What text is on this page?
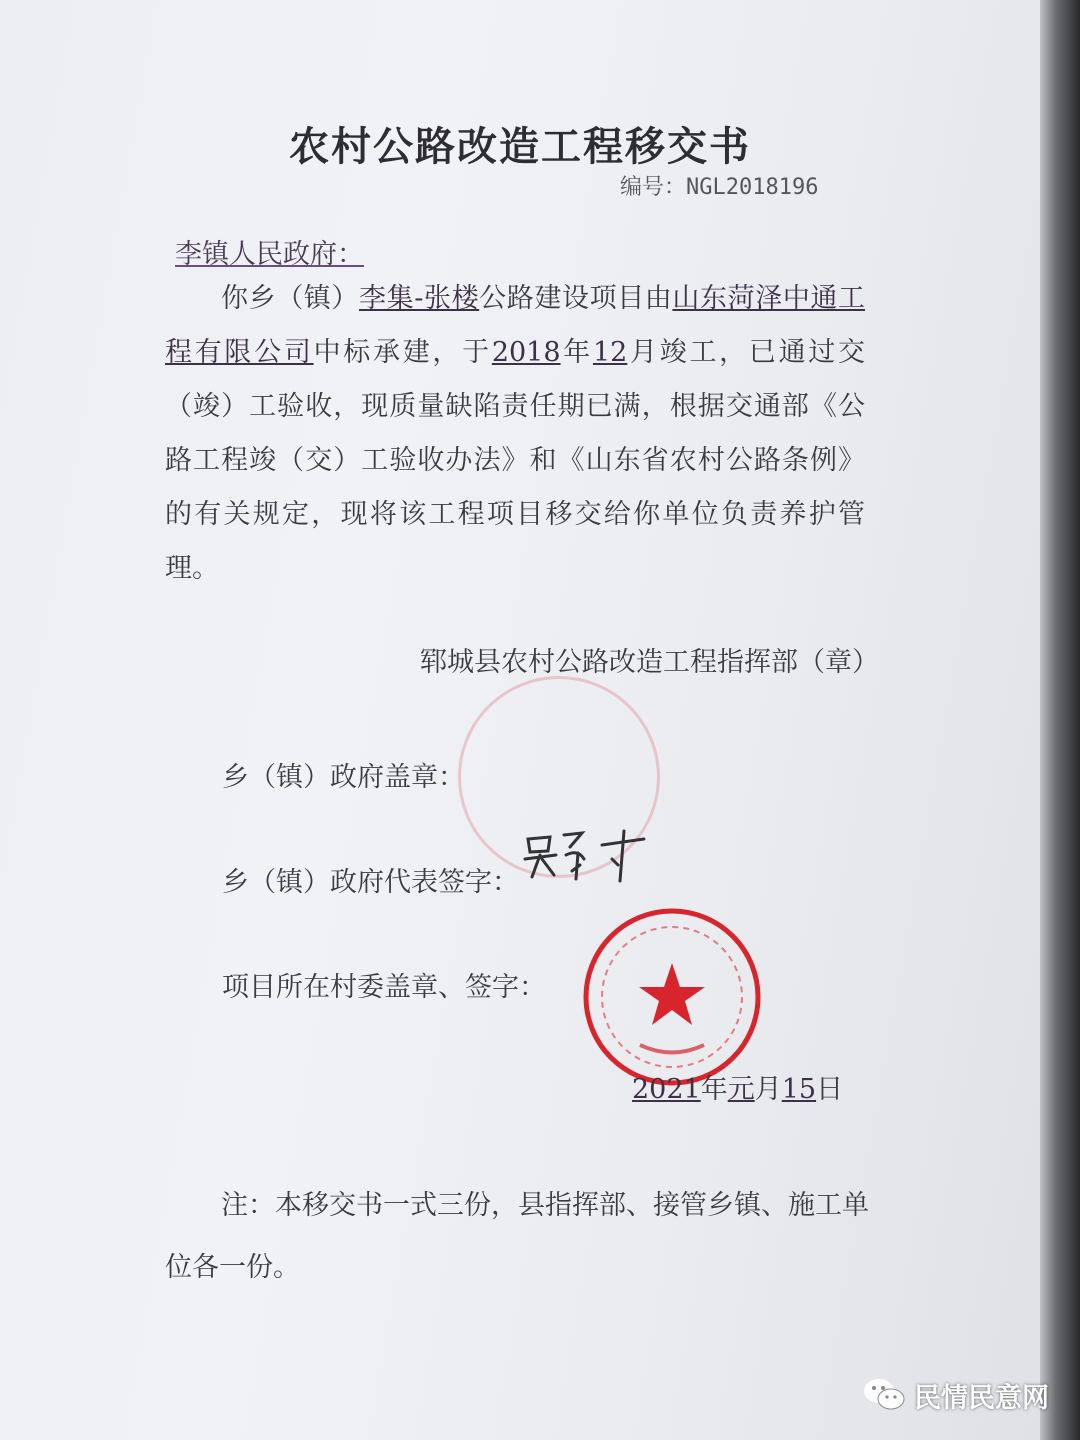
农村公路改造工程移交书
编号：NGL2018196
李镇人民政府：

你乡（镇）李集-张楼公路建设项目由山东菏泽中通工程有限公司中标承建，于2018年12月竣工，已通过交（竣）工验收，现质量缺陷责任期已满，根据交通部《公路工程竣（交）工验收办法》和《山东省农村公路条例》的有关规定，现将该工程项目移交给你单位负责养护管理。

郓城县农村公路改造工程指挥部（章）
乡（镇）政府盖章：
乡（镇）政府代表签字：
项目所在村委盖章、签字：
2021年元月15日

注：本移交书一式三份，县指挥部、接管乡镇、施工单位各一份。

民情民意网
